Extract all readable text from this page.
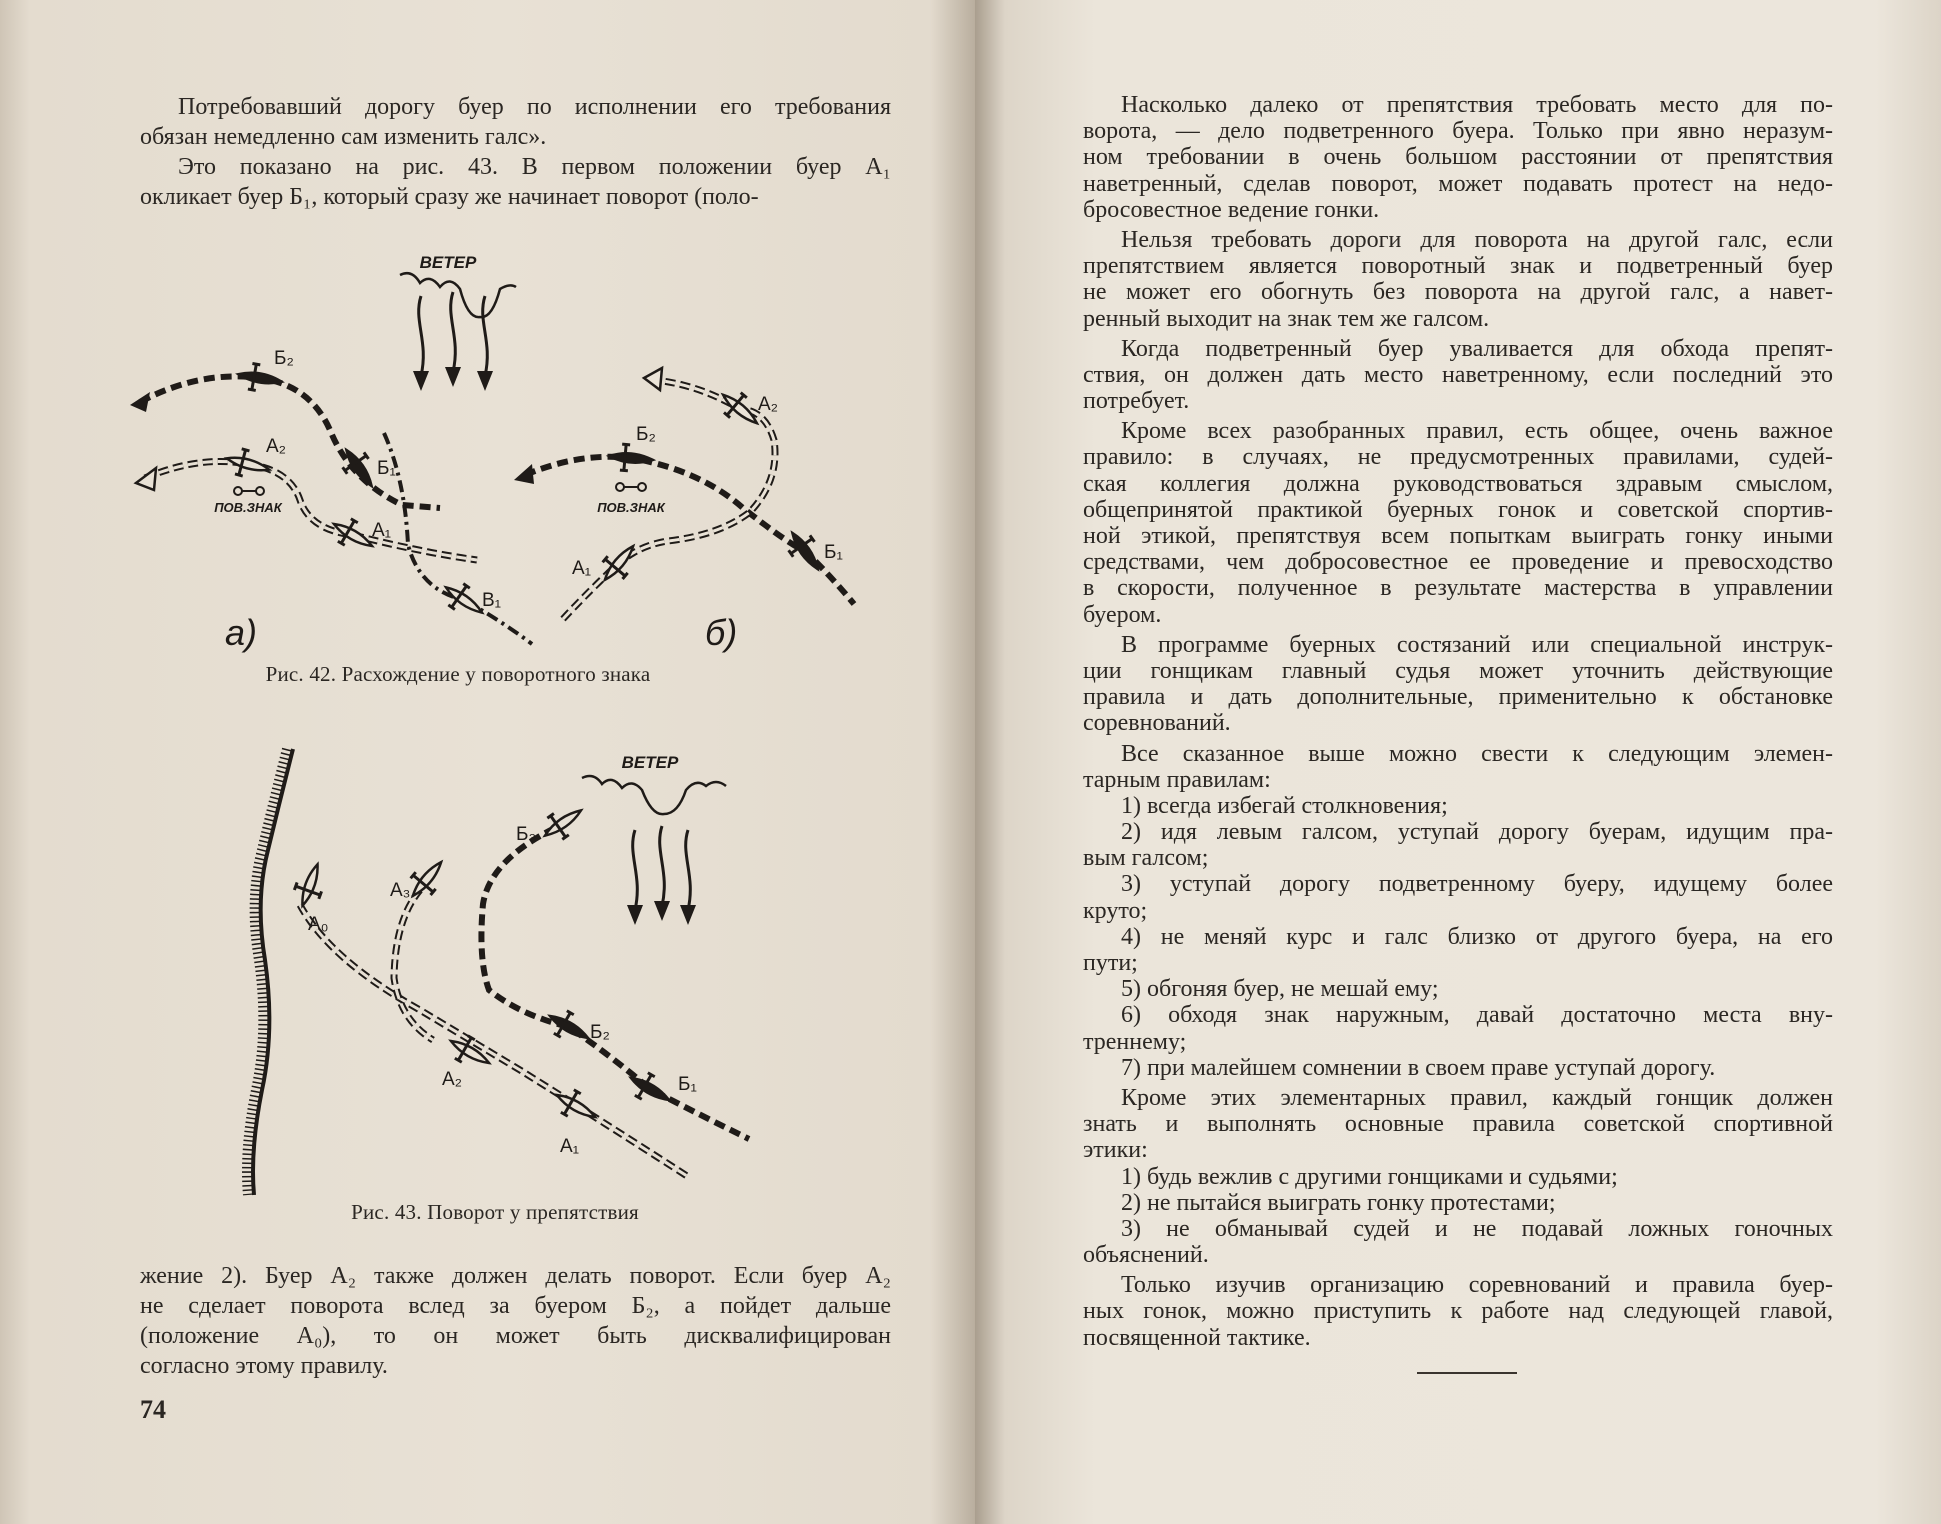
Потребовавший дорогу буер по исполнении его требования
обязан немедленно сам изменить галс».
Это показано на рис. 43. В первом положении буер А₁
окликает буер Б₁, который сразу же начинает поворот (поло-
жение 2). Буер А₂ также должен делать поворот. Если буер А₂
не сделает поворота вслед за буером Б₂, а пойдет дальше
(положение А₀), то он может быть дисквалифицирован
согласно этому правилу.
Насколько далеко от препятствия требовать место для по-
ворота, — дело подветренного буера. Только при явно неразум-
ном требовании в очень большом расстоянии от препятствия
наветренный, сделав поворот, может подавать протест на недо-
бросовестное ведение гонки.
Нельзя требовать дороги для поворота на другой галс, если
препятствием является поворотный знак и подветренный буер
не может его обогнуть без поворота на другой галс, а навет-
ренный выходит на знак тем же галсом.
Когда подветренный буер уваливается для обхода препят-
ствия, он должен дать место наветренному, если последний это
потребует.
Кроме всех разобранных правил, есть общее, очень важное
правило: в случаях, не предусмотренных правилами, судей-
ская коллегия должна руководствоваться здравым смыслом,
общепринятой практикой буерных гонок и советской спортив-
ной этикой, препятствуя всем попыткам выиграть гонку иными
средствами, чем добросовестное ее проведение и превосходство
в скорости, полученное в результате мастерства в управлении
буером.
В программе буерных состязаний или специальной инструк-
ции гонщикам главный судья может уточнить действующие
правила и дать дополнительные, применительно к обстановке
соревнований.
Все сказанное выше можно свести к следующим элемен-
тарным правилам:
1) всегда избегай столкновения;
2) идя левым галсом, уступай дорогу буерам, идущим пра-
вым галсом;
3) уступай дорогу подветренному буеру, идущему более
круто;
4) не меняй курс и галс близко от другого буера, на его
пути;
5) обгоняя буер, не мешай ему;
6) обходя знак наружным, давай достаточно места вну-
треннему;
7) при малейшем сомнении в своем праве уступай дорогу.
Кроме этих элементарных правил, каждый гонщик должен
знать и выполнять основные правила советской спортивной
этики:
1) будь вежлив с другими гонщиками и судьями;
2) не пытайся выиграть гонку протестами;
3) не обманывай судей и не подавай ложных гоночных
объяснений.
Только изучив организацию соревнований и правила буер-
ных гонок, можно приступить к работе над следующей главой,
посвященной тактике.
Рис. 42. Расхождение у поворотного знака
Рис. 43. Поворот у препятствия
74
ВЕТЕР
ПОВ.ЗНАК
Б₂
А₂
Б₁
А₁
В₁
а)
ПОВ.ЗНАК
Б₂
А₂
Б₁
А₁
б)
ВЕТЕР
А₀
А₃
Б₃
Б₂
А₂	Б₁
А₁
